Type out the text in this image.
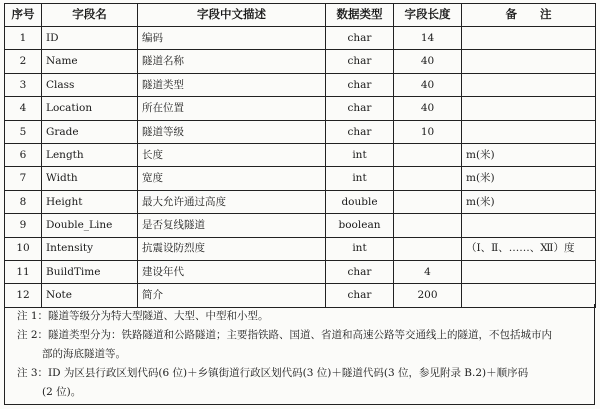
序号	字段名	字段中文描述	数据类型	字段长度	备　　注
1	ID	编码	char	14	
2	Name	隧道名称	char	40	
3	Class	隧道类型	char	40	
4	Location	所在位置	char	40	
5	Grade	隧道等级	char	10	
6	Length	长度	int		m(米)
7	Width	宽度	int		m(米)
8	Height	最大允许通过高度	double		m(米)
9	Double_Line	是否复线隧道	boolean		
10	Intensity	抗震设防烈度	int		（Ⅰ、Ⅱ、……、Ⅻ）度
11	BuildTime	建设年代	char	4	
12	Note	简介	char	200	
注 1：隧道等级分为特大型隧道、大型、中型和小型。
注 2：隧道类型分为：铁路隧道和公路隧道；主要指铁路、国道、省道和高速公路等交通线上的隧道，不包括城市内
部的海底隧道等。
注 3：ID 为区县行政区划代码(6 位)＋乡镇街道行政区划代码(3 位)＋隧道代码(3 位，参见附录 B.2)＋顺序码
(2 位)。
